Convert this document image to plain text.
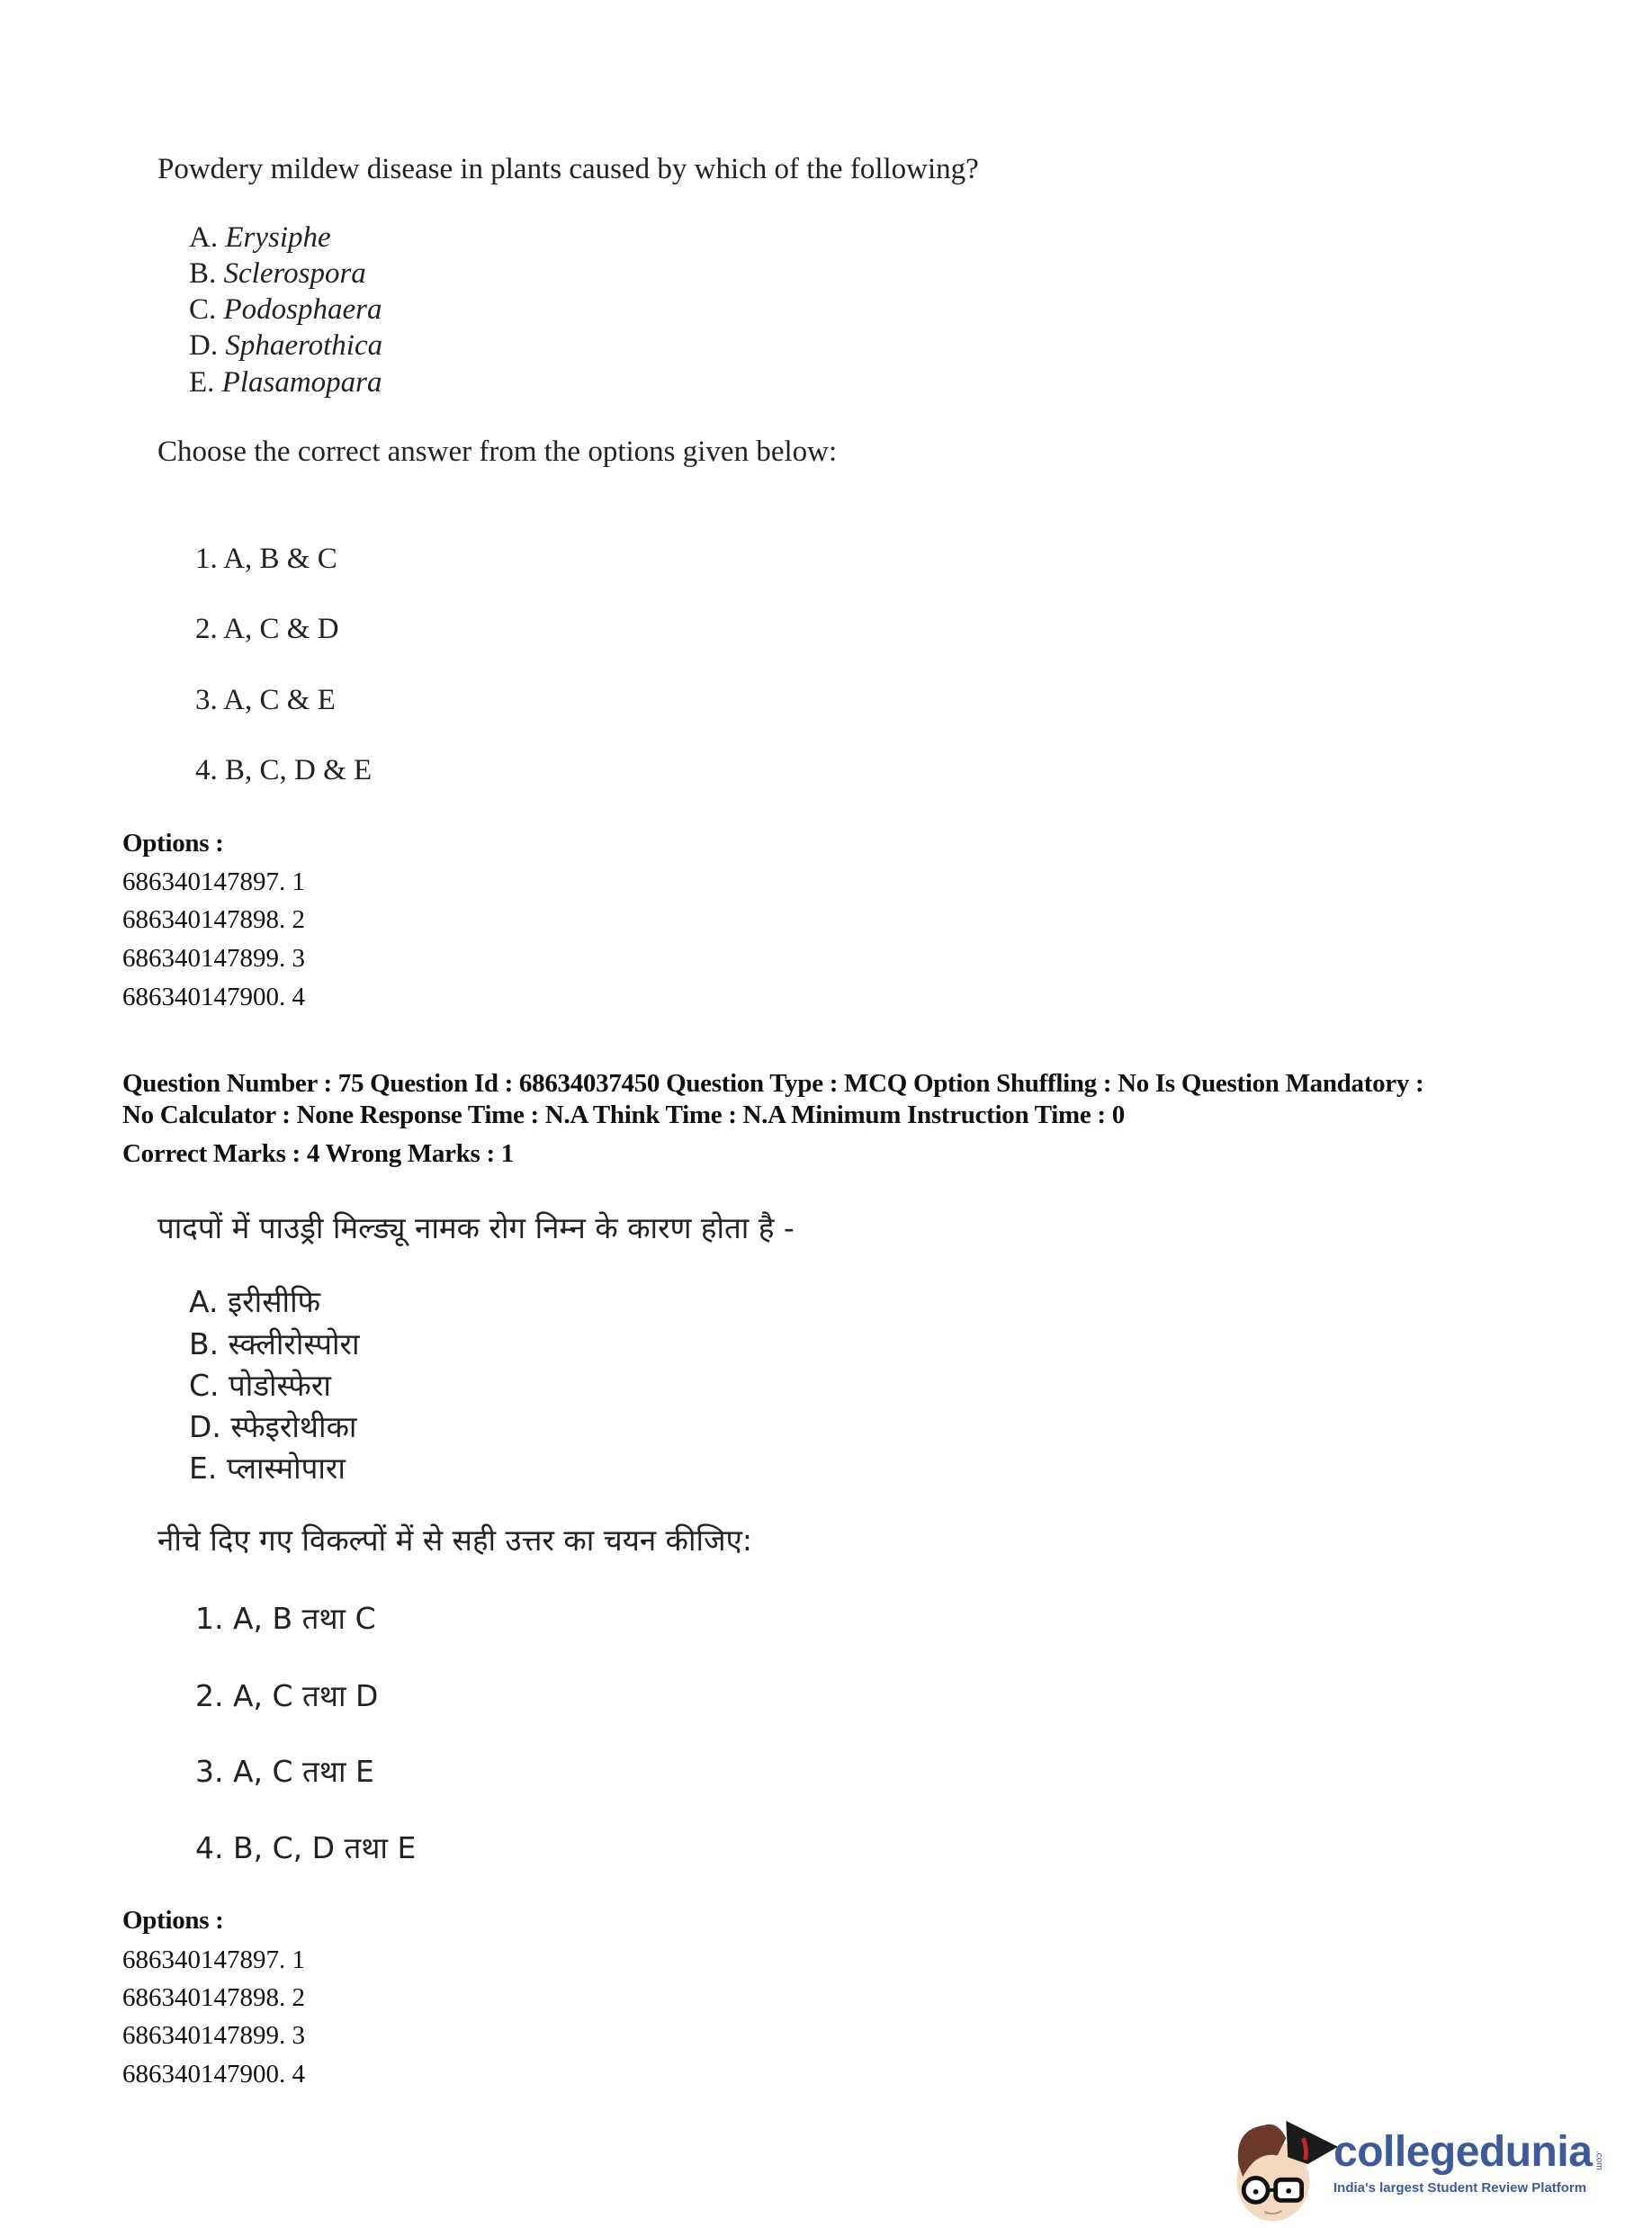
Powdery mildew disease in plants caused by which of the following?
A. Erysiphe
B. Sclerospora
C. Podosphaera
D. Sphaerothica
E. Plasamopara
Choose the correct answer from the options given below:
1. A, B & C
2. A, C & D
3. A, C & E
4. B, C, D & E
Options :
686340147897. 1
686340147898. 2
686340147899. 3
686340147900. 4
Question Number : 75 Question Id : 68634037450 Question Type : MCQ Option Shuffling : No Is Question Mandatory :
No Calculator : None Response Time : N.A Think Time : N.A Minimum Instruction Time : 0
Correct Marks : 4 Wrong Marks : 1
पादपों में पाउड्री मिल्ड्यू नामक रोग निम्न के कारण होता है -
A. इरीसीफि
B. स्क्लीरोस्पोरा
C. पोडोस्फेरा
D. स्फेइरोथीका
E. प्लास्मोपारा
नीचे दिए गए विकल्पों में से सही उत्तर का चयन कीजिए:
1. A, B तथा C
2. A, C तथा D
3. A, C तथा E
4. B, C, D तथा E
Options :
686340147897. 1
686340147898. 2
686340147899. 3
686340147900. 4
collegedunia .com
India's largest Student Review Platform
